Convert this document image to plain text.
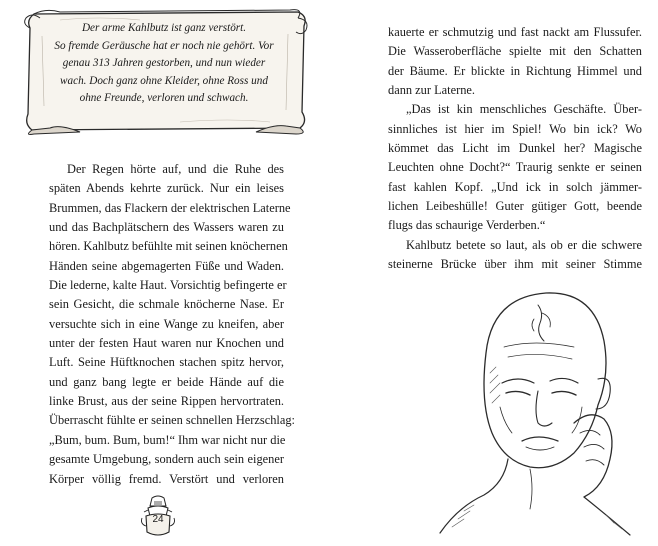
Der arme Kahlbutz ist ganz verstört.
So fremde Geräusche hat er noch nie gehört. Vor
genau 313 Jahren gestorben, und nun wieder
wach. Doch ganz ohne Kleider, ohne Ross und
ohne Freunde, verloren und schwach.
Der Regen hörte auf, und die Ruhe des
späten Abends kehrte zurück. Nur ein leises
Brummen, das Flackern der elektrischen Laterne
und das Bachplätschern des Wassers waren zu
hören. Kahlbutz befühlte mit seinen knöchernen
Händen seine abgemagerten Füße und Waden.
Die lederne, kalte Haut. Vorsichtig befingerte er
sein Gesicht, die schmale knöcherne Nase. Er
versuchte sich in eine Wange zu kneifen, aber
unter der festen Haut waren nur Knochen und
Luft. Seine Hüftknochen stachen spitz hervor,
und ganz bang legte er beide Hände auf die
linke Brust, aus der seine Rippen hervortraten.
Überrascht fühlte er seinen schnellen Herzschlag:
„Bum, bum. Bum, bum!“ Ihm war nicht nur die
gesamte Umgebung, sondern auch sein eigener
Körper völlig fremd. Verstört und verloren
24
kauerte er schmutzig und fast nackt am Flussufer.
Die Wasseroberfläche spielte mit den Schatten
der Bäume. Er blickte in Richtung Himmel und
dann zur Laterne.
„Das ist kin menschliches Geschäfte. Über-
sinnliches ist hier im Spiel! Wo bin ick? Wo
kömmet das Licht im Dunkel her? Magische
Leuchten ohne Docht?“ Traurig senkte er seinen
fast kahlen Kopf. „Und ick in solch jämmer-
lichen Leibeshülle! Guter gütiger Gott, beende
flugs das schaurige Verderben.“
Kahlbutz betete so laut, als ob er die schwere
steinerne Brücke über ihm mit seiner Stimme
